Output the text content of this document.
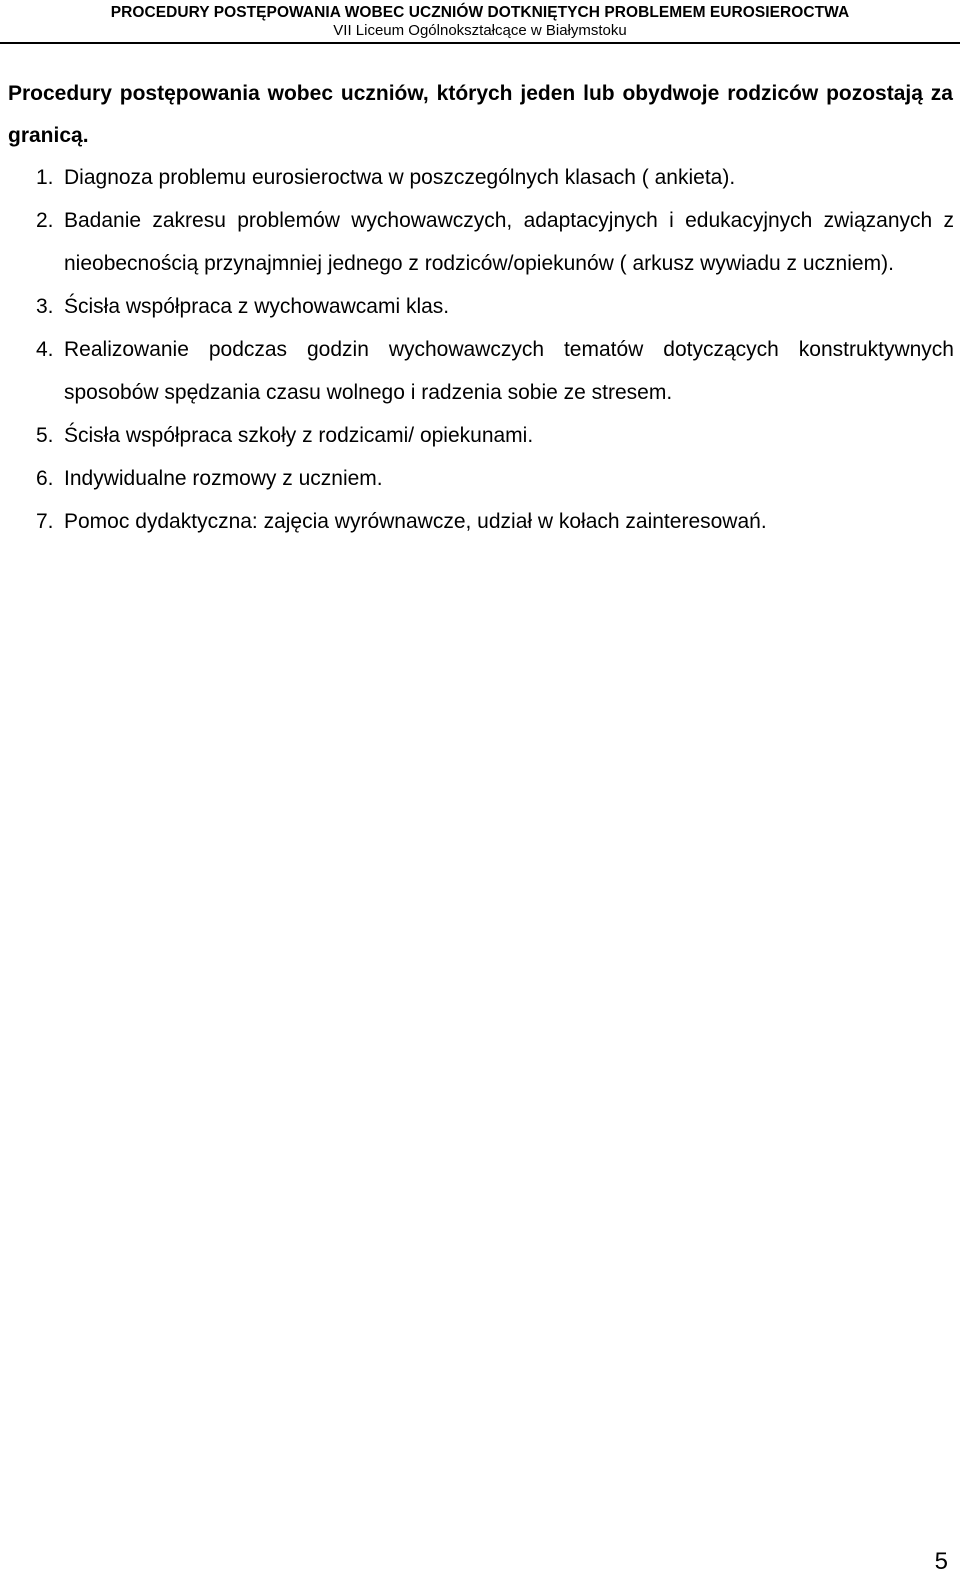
PROCEDURY POSTĘPOWANIA WOBEC UCZNIÓW DOTKNIĘTYCH PROBLEMEM EUROSIEROCTWA
VII Liceum Ogólnokształcące w Białymstoku
Procedury postępowania wobec uczniów, których jeden lub obydwoje rodziców pozostają za granicą.
1. Diagnoza problemu eurosieroctwa w poszczególnych klasach ( ankieta).
2. Badanie zakresu problemów wychowawczych, adaptacyjnych i edukacyjnych związanych z nieobecnością przynajmniej jednego z rodziców/opiekunów ( arkusz wywiadu z uczniem).
3. Ścisła współpraca z wychowawcami klas.
4. Realizowanie podczas godzin wychowawczych tematów dotyczących konstruktywnych sposobów spędzania czasu wolnego i radzenia sobie ze stresem.
5. Ścisła współpraca szkoły z rodzicami/ opiekunami.
6. Indywidualne rozmowy z uczniem.
7. Pomoc dydaktyczna: zajęcia wyrównawcze, udział w kołach zainteresowań.
5
